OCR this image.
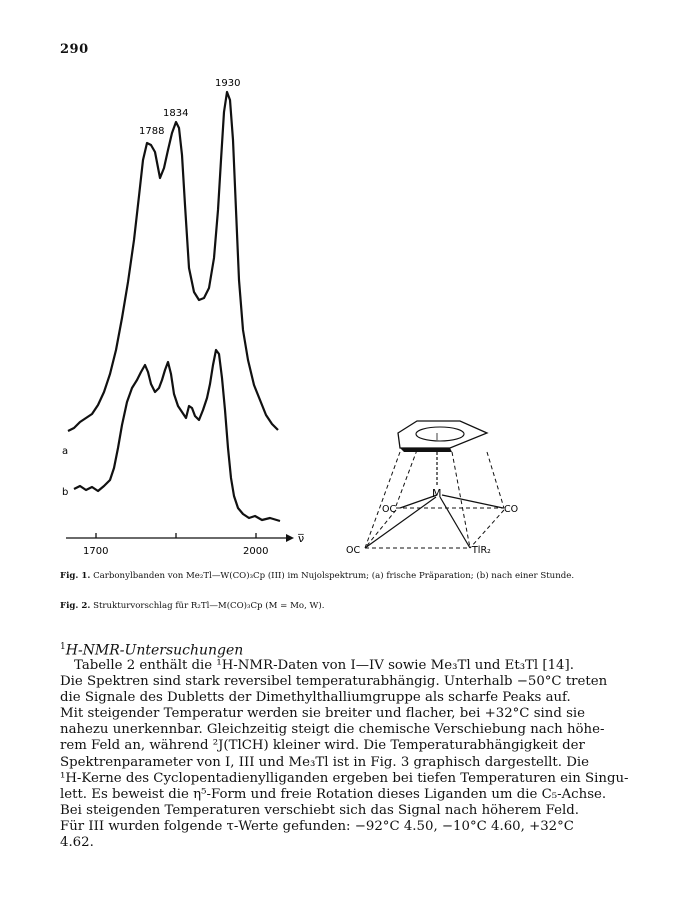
290
1788
1834
1930
a
b
1700	2000
ν̅
M
OC	CO
OC	TlR₂
Fig. 1. Carbonylbanden von Me₂Tl—W(CO)₃Cp (III) im Nujolspektrum; (a) frische Präparation; (b) nach einer Stunde.
Fig. 2. Strukturvorschlag für R₂Tl—M(CO)₃Cp (M = Mo, W).
$^1$H-NMR-Untersuchungen
Tabelle 2 enthält die ¹H-NMR-Daten von I—IV sowie Me₃Tl und Et₃Tl [14].
Die Spektren sind stark reversibel temperaturabhängig. Unterhalb −50°C treten
die Signale des Dubletts der Dimethylthalliumgruppe als scharfe Peaks auf.
Mit steigender Temperatur werden sie breiter und flacher, bei +32°C sind sie
nahezu unerkennbar. Gleichzeitig steigt die chemische Verschiebung nach höhe-
rem Feld an, während ²J(TlCH) kleiner wird. Die Temperaturabhängigkeit der
Spektrenparameter von I, III und Me₃Tl ist in Fig. 3 graphisch dargestellt. Die
¹H-Kerne des Cyclopentadienylliganden ergeben bei tiefen Temperaturen ein Singu-
lett. Es beweist die η⁵-Form und freie Rotation dieses Liganden um die C₅-Achse.
Bei steigenden Temperaturen verschiebt sich das Signal nach höherem Feld.
Für III wurden folgende τ-Werte gefunden: −92°C 4.50, −10°C 4.60, +32°C
4.62.
